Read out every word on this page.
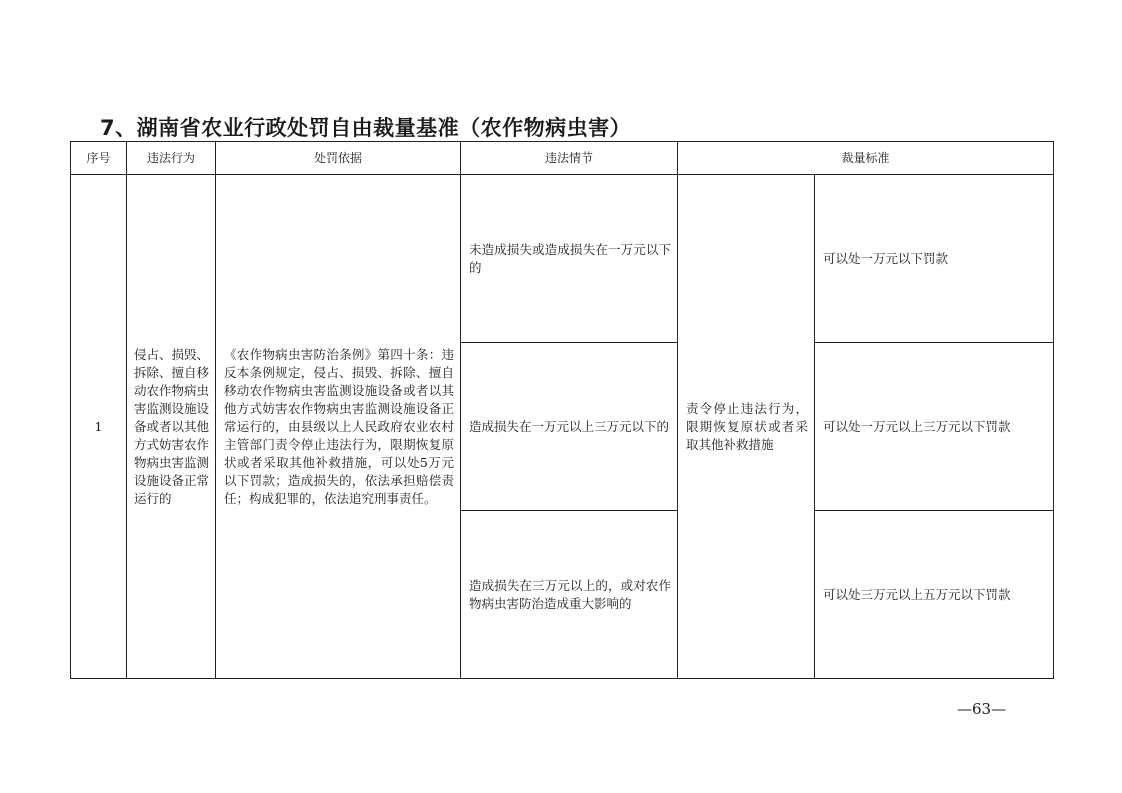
7、湖南省农业行政处罚自由裁量基准（农作物病虫害）
序号	违法行为	处罚依据	违法情节	裁量标准	
1	侵占、损毁、拆除、擅自移动农作物病虫害监测设施设备或者以其他方式妨害农作物病虫害监测设施设备正常运行的	《农作物病虫害防治条例》第四十条：违反本条例规定，侵占、损毁、拆除、擅自移动农作物病虫害监测设施设备或者以其他方式妨害农作物病虫害监测设施设备正常运行的，由县级以上人民政府农业农村主管部门责令停止违法行为，限期恢复原状或者采取其他补救措施，可以处5万元以下罚款；造成损失的，依法承担赔偿责任；构成犯罪的，依法追究刑事责任。	未造成损失或造成损失在一万元以下的	责令停止违法行为，限期恢复原状或者采取其他补救措施	可以处一万元以下罚款
			造成损失在一万元以上三万元以下的		可以处一万元以上三万元以下罚款
			造成损失在三万元以上的，或对农作物病虫害防治造成重大影响的		可以处三万元以上五万元以下罚款
—63—
